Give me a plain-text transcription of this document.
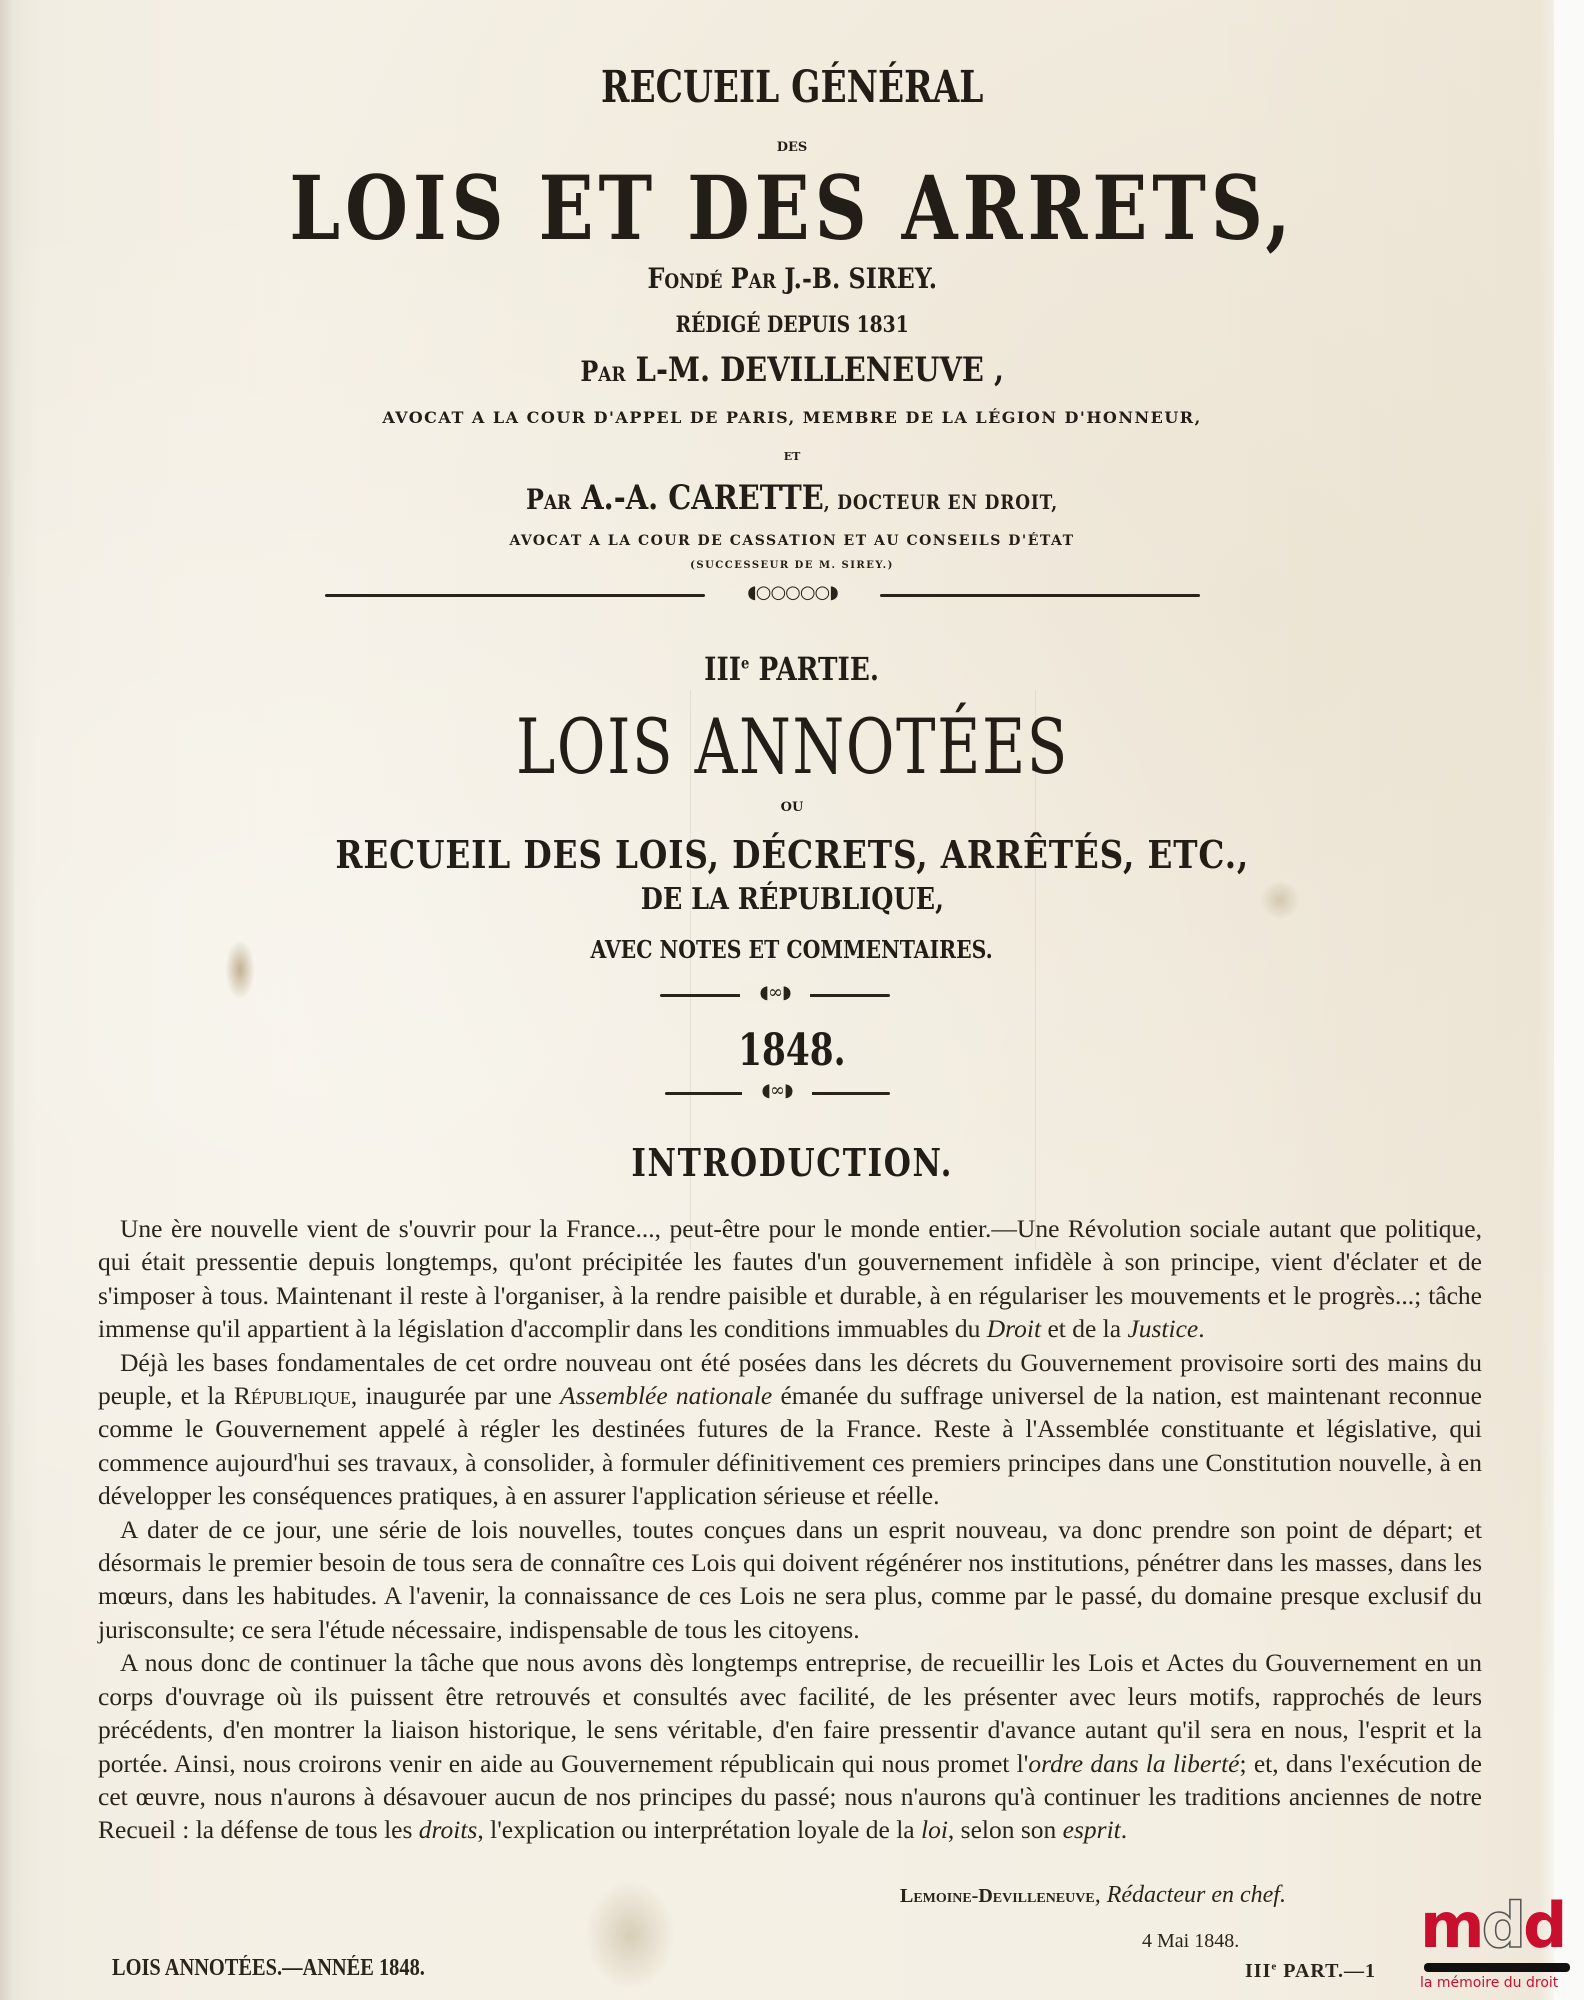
RECUEIL GÉNÉRAL
DES
LOIS ET DES ARRETS,
Fondé Par J.-B. SIREY.
RÉDIGÉ DEPUIS 1831
Par L-M. DEVILLENEUVE ,
AVOCAT A LA COUR D'APPEL DE PARIS, MEMBRE DE LA LÉGION D'HONNEUR,
ET
Par A.-A. CARETTE, DOCTEUR EN DROIT,
AVOCAT A LA COUR DE CASSATION ET AU CONSEILS D'ÉTAT
(SUCCESSEUR DE M. SIREY.)
◖○○○○○◗
IIIe PARTIE.
LOIS ANNOTÉES
OU
RECUEIL DES LOIS, DÉCRETS, ARRÊTÉS, ETC.,
DE LA RÉPUBLIQUE,
AVEC NOTES ET COMMENTAIRES.
◖∞◗
1848.
◖∞◗
INTRODUCTION.

Une ère nouvelle vient de s'ouvrir pour la France..., peut-être pour le monde entier.—Une Révolution sociale autant que politique, qui était pressentie depuis longtemps, qu'ont précipitée les fautes d'un gouvernement infidèle à son principe, vient d'éclater et de s'imposer à tous. Maintenant il reste à l'organiser, à la rendre paisible et durable, à en régulariser les mouvements et le progrès...; tâche immense qu'il appartient à la législation d'accomplir dans les conditions immuables du Droit et de la Justice.

Déjà les bases fondamentales de cet ordre nouveau ont été posées dans les décrets du Gouvernement provisoire sorti des mains du peuple, et la République, inaugurée par une Assemblée nationale émanée du suffrage universel de la nation, est maintenant reconnue comme le Gouvernement appelé à régler les destinées futures de la France. Reste à l'Assemblée constituante et législative, qui commence aujourd'hui ses travaux, à consolider, à formuler définitivement ces premiers principes dans une Constitution nouvelle, à en développer les conséquences pratiques, à en assurer l'application sérieuse et réelle.

A dater de ce jour, une série de lois nouvelles, toutes conçues dans un esprit nouveau, va donc prendre son point de départ; et désormais le premier besoin de tous sera de connaître ces Lois qui doivent régénérer nos institutions, pénétrer dans les masses, dans les mœurs, dans les habitudes. A l'avenir, la connaissance de ces Lois ne sera plus, comme par le passé, du domaine presque exclusif du jurisconsulte; ce sera l'étude nécessaire, indispensable de tous les citoyens.

A nous donc de continuer la tâche que nous avons dès longtemps entreprise, de recueillir les Lois et Actes du Gouvernement en un corps d'ouvrage où ils puissent être retrouvés et consultés avec facilité, de les présenter avec leurs motifs, rapprochés de leurs précédents, d'en montrer la liaison historique, le sens véritable, d'en faire pressentir d'avance autant qu'il sera en nous, l'esprit et la portée. Ainsi, nous croirons venir en aide au Gouvernement républicain qui nous promet l'ordre dans la liberté; et, dans l'exécution de cet œuvre, nous n'aurons à désavouer aucun de nos principes du passé; nous n'aurons qu'à continuer les traditions anciennes de notre Recueil : la défense de tous les droits, l'explication ou interprétation loyale de la loi, selon son esprit.

Lemoine-Devilleneuve, Rédacteur en chef.
4 Mai 1848.
LOIS ANNOTÉES.—ANNÉE 1848.	IIIe PART.—1
mdd
la mémoire du droit
